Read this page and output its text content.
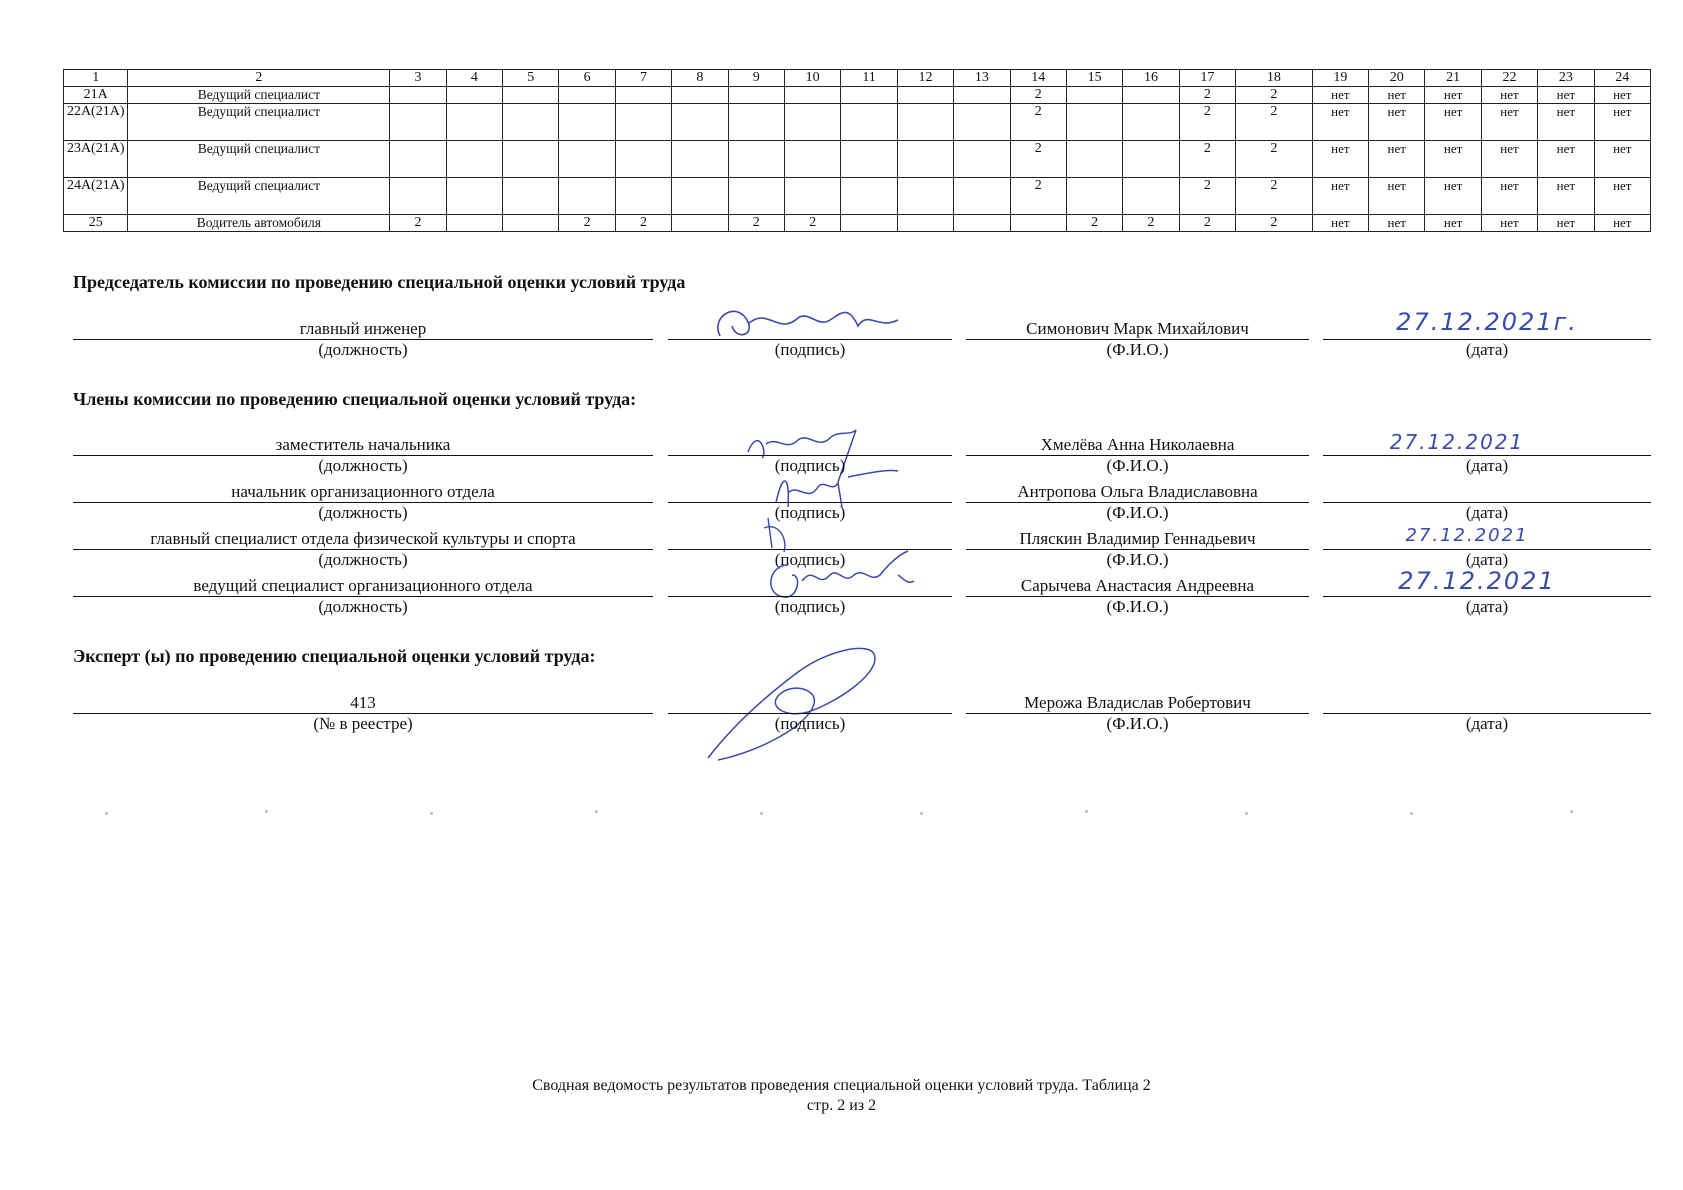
1	2	3	4	5	6	7	8	9	10	11	12	13	14	15	16	17	18	19	20	21	22	23	24
21A	Ведущий специалист												2			2	2	нет	нет	нет	нет	нет	нет
22А(21А)	Ведущий специалист												2			2	2	нет	нет	нет	нет	нет	нет
23А(21А)	Ведущий специалист												2			2	2	нет	нет	нет	нет	нет	нет
24А(21А)	Ведущий специалист												2			2	2	нет	нет	нет	нет	нет	нет
25	Водитель автомобиля	2			2	2		2	2					2	2	2	2	нет	нет	нет	нет	нет	нет
Председатель комиссии по проведению специальной оценки условий труда
главный инженер
(должность)	(подпись)
Симонович Марк Михайлович
(Ф.И.О.)
27.12.2021г.
(дата)
Члены комиссии по проведению специальной оценки условий труда:
заместитель начальника
(должность)	(подпись)
Хмелёва Анна Николаевна
(Ф.И.О.)
27.12.2021
(дата)
начальник организационного отдела
(должность)	(подпись)
Антропова Ольга Владиславовна
(Ф.И.О.)	(дата)
главный специалист отдела физической культуры и спорта
(должность)	(подпись)
Пляскин Владимир Геннадьевич
(Ф.И.О.)
27.12.2021
(дата)
ведущий специалист организационного отдела
(должность)	(подпись)
Сарычева Анастасия Андреевна
(Ф.И.О.)
27.12.2021
(дата)
Эксперт (ы) по проведению специальной оценки условий труда:
413
(№ в реестре)	(подпись)
Мерожа Владислав Робертович
(Ф.И.О.)	(дата)
Сводная ведомость результатов проведения специальной оценки условий труда. Таблица 2
стр. 2 из 2
